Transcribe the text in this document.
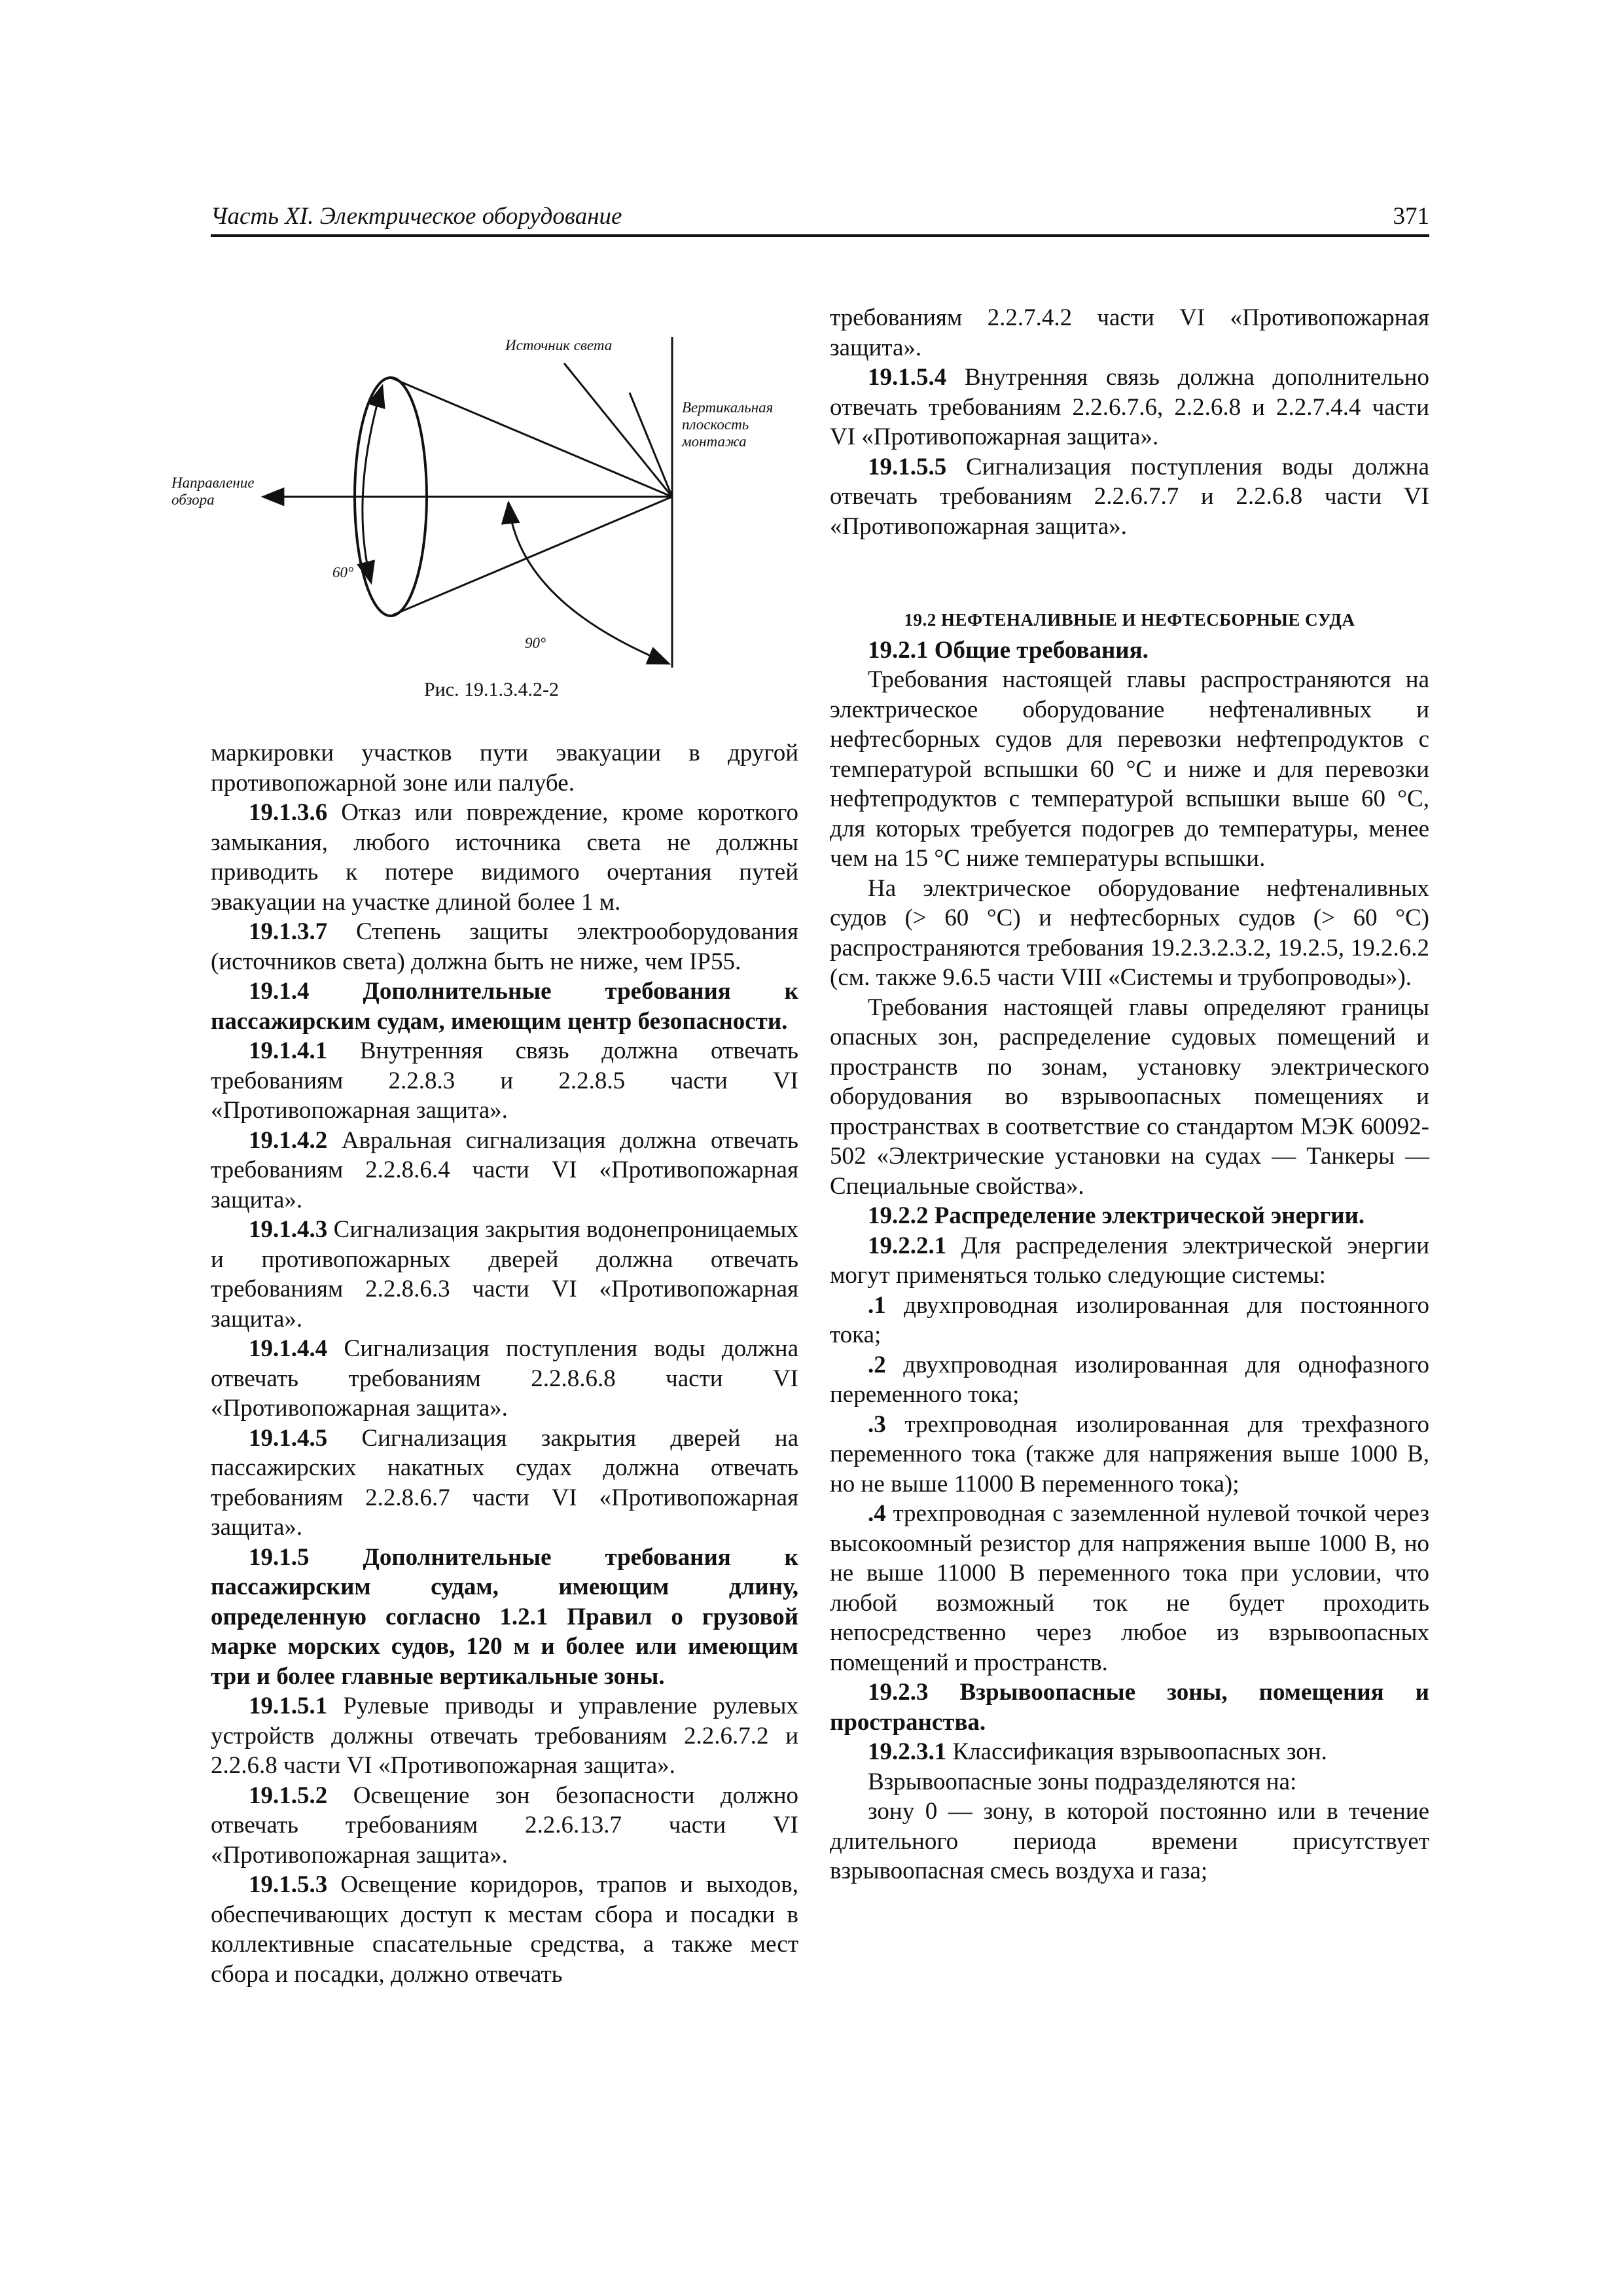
Часть XI. Электрическое оборудование	371
Источник света
Вертикальная плоскость монтажа
Направление обзора
60°
90°
Рис. 19.1.3.4.2-2

маркировки участков пути эвакуации в другой противопожарной зоне или палубе.

19.1.3.6 Отказ или повреждение, кроме короткого замыкания, любого источника света не должны приводить к потере видимого очертания путей эвакуации на участке длиной более 1 м.

19.1.3.7 Степень защиты электрооборудования (источников света) должна быть не ниже, чем IP55.

19.1.4 Дополнительные требования к пассажирским судам, имеющим центр безопасности.

19.1.4.1 Внутренняя связь должна отвечать требованиям 2.2.8.3 и 2.2.8.5 части VI «Противопожарная защита».

19.1.4.2 Авральная сигнализация должна отвечать требованиям 2.2.8.6.4 части VI «Противопожарная защита».

19.1.4.3 Сигнализация закрытия водонепроницаемых и противопожарных дверей должна отвечать требованиям 2.2.8.6.3 части VI «Противопожарная защита».

19.1.4.4 Сигнализация поступления воды должна отвечать требованиям 2.2.8.6.8 части VI «Противопожарная защита».

19.1.4.5 Сигнализация закрытия дверей на пассажирских накатных судах должна отвечать требованиям 2.2.8.6.7 части VI «Противопожарная защита».

19.1.5 Дополнительные требования к пассажирским судам, имеющим длину, определенную согласно 1.2.1 Правил о грузовой марке морских судов, 120 м и более или имеющим три и более главные вертикальные зоны.

19.1.5.1 Рулевые приводы и управление рулевых устройств должны отвечать требованиям 2.2.6.7.2 и 2.2.6.8 части VI «Противопожарная защита».

19.1.5.2 Освещение зон безопасности должно отвечать требованиям 2.2.6.13.7 части VI «Противопожарная защита».

19.1.5.3 Освещение коридоров, трапов и выходов, обеспечивающих доступ к местам сбора и посадки в коллективные спасательные средства, а также мест сбора и посадки, должно отвечать

требованиям 2.2.7.4.2 части VI «Противопожарная защита».

19.1.5.4 Внутренняя связь должна дополнительно отвечать требованиям 2.2.6.7.6, 2.2.6.8 и 2.2.7.4.4 части VI «Противопожарная защита».

19.1.5.5 Сигнализация поступления воды должна отвечать требованиям 2.2.6.7.7 и 2.2.6.8 части VI «Противопожарная защита».

19.2 НЕФТЕНАЛИВНЫЕ И НЕФТЕСБОРНЫЕ СУДА

19.2.1 Общие требования.

Требования настоящей главы распространяются на электрическое оборудование нефтеналивных и нефтесборных судов для перевозки нефтепродуктов с температурой вспышки 60 °С и ниже и для перевозки нефтепродуктов с температурой вспышки выше 60 °С, для которых требуется подогрев до температуры, менее чем на 15 °С ниже температуры вспышки.

На электрическое оборудование нефтеналивных судов (> 60 °С) и нефтесборных судов (> 60 °С) распространяются требования 19.2.3.2.3.2, 19.2.5, 19.2.6.2 (см. также 9.6.5 части VIII «Системы и трубопроводы»).

Требования настоящей главы определяют границы опасных зон, распределение судовых помещений и пространств по зонам, установку электрического оборудования во взрывоопасных помещениях и пространствах в соответствие со стандартом МЭК 60092-502 «Электрические установки на судах — Танкеры — Специальные свойства».

19.2.2 Распределение электрической энергии.

19.2.2.1 Для распределения электрической энергии могут применяться только следующие системы:

.1 двухпроводная изолированная для постоянного тока;

.2 двухпроводная изолированная для однофазного переменного тока;

.3 трехпроводная изолированная для трехфазного переменного тока (также для напряжения выше 1000 В, но не выше 11000 В переменного тока);

.4 трехпроводная с заземленной нулевой точкой через высокоомный резистор для напряжения выше 1000 В, но не выше 11000 В переменного тока при условии, что любой возможный ток не будет проходить непосредственно через любое из взрывоопасных помещений и пространств.

19.2.3 Взрывоопасные зоны, помещения и пространства.

19.2.3.1 Классификация взрывоопасных зон.

Взрывоопасные зоны подразделяются на:

зону 0 — зону, в которой постоянно или в течение длительного периода времени присутствует взрывоопасная смесь воздуха и газа;
